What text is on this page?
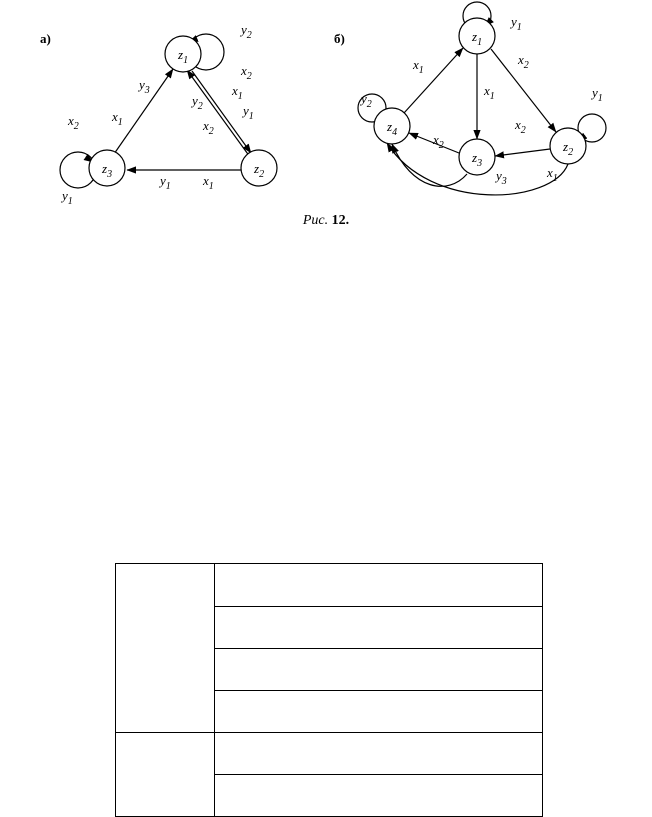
$z_1$
$z_2$
$z_3$
$y_2$
$x_2$
$x_1$
$y_3$
$y_2$
$x_2$
$y_1$
$x_1$
$x_2$
$y_1$
$y_1$ $x_1$
а)	$z_1$
$z_2$
$z_3$
$z_4$
$y_1$
$x_1$
$x_2$
$x_1$
$y_2$
$y_1$
$x_2$
$x_2$
$y_3$
$x_1$
б)
Рис. 12.
